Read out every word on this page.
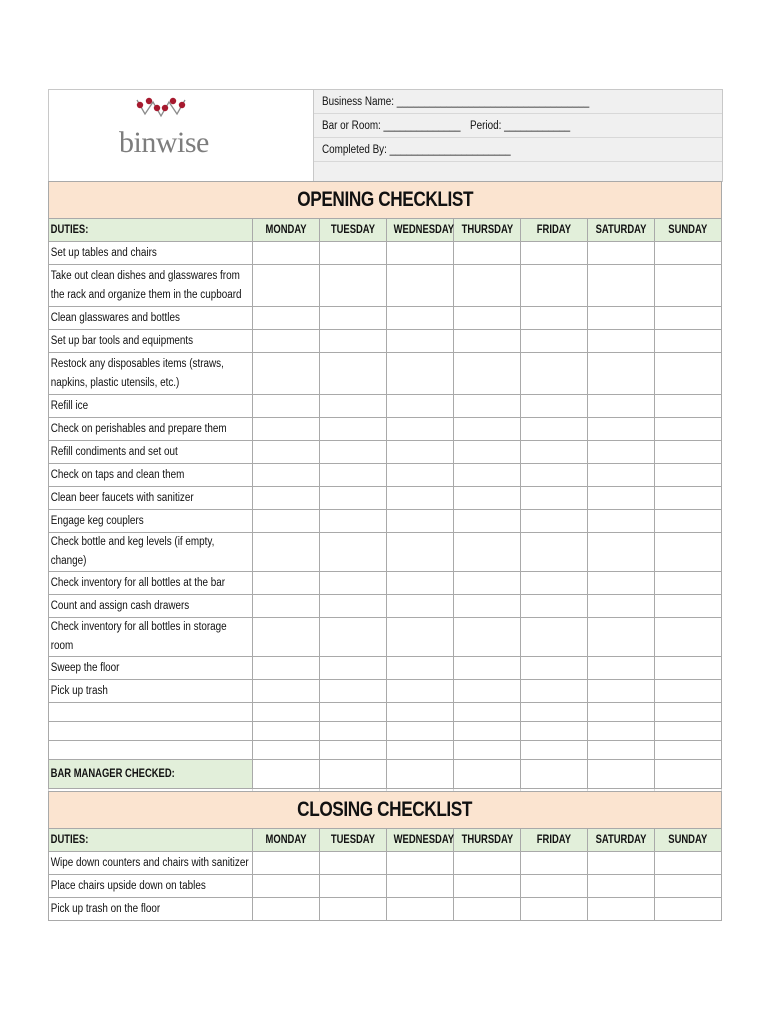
binwise
Business Name: ___________________________________
Bar or Room: ______________ Period: ____________
Completed By: ______________________
OPENING CHECKLIST							
DUTIES:	MONDAY	TUESDAY	WEDNESDAY	THURSDAY	FRIDAY	SATURDAY	SUNDAY

Set up tables and chairs							

Take out clean dishes and glasswares from the rack and organize them in the cupboard							

Clean glasswares and bottles							

Set up bar tools and equipments							

Restock any disposables items (straws, napkins, plastic utensils, etc.)							

Refill ice							

Check on perishables and prepare them							

Refill condiments and set out							

Check on taps and clean them							

Clean beer faucets with sanitizer							

Engage keg couplers							

Check bottle and keg levels (if empty, change)							

Check inventory for all bottles at the bar							

Count and assign cash drawers							

Check inventory for all bottles in storage room							

Sweep the floor							

Pick up trash							

BAR MANAGER CHECKED:							

CLOSING CHECKLIST							
DUTIES:	MONDAY	TUESDAY	WEDNESDAY	THURSDAY	FRIDAY	SATURDAY	SUNDAY

Wipe down counters and chairs with sanitizer							

Place chairs upside down on tables							

Pick up trash on the floor							
